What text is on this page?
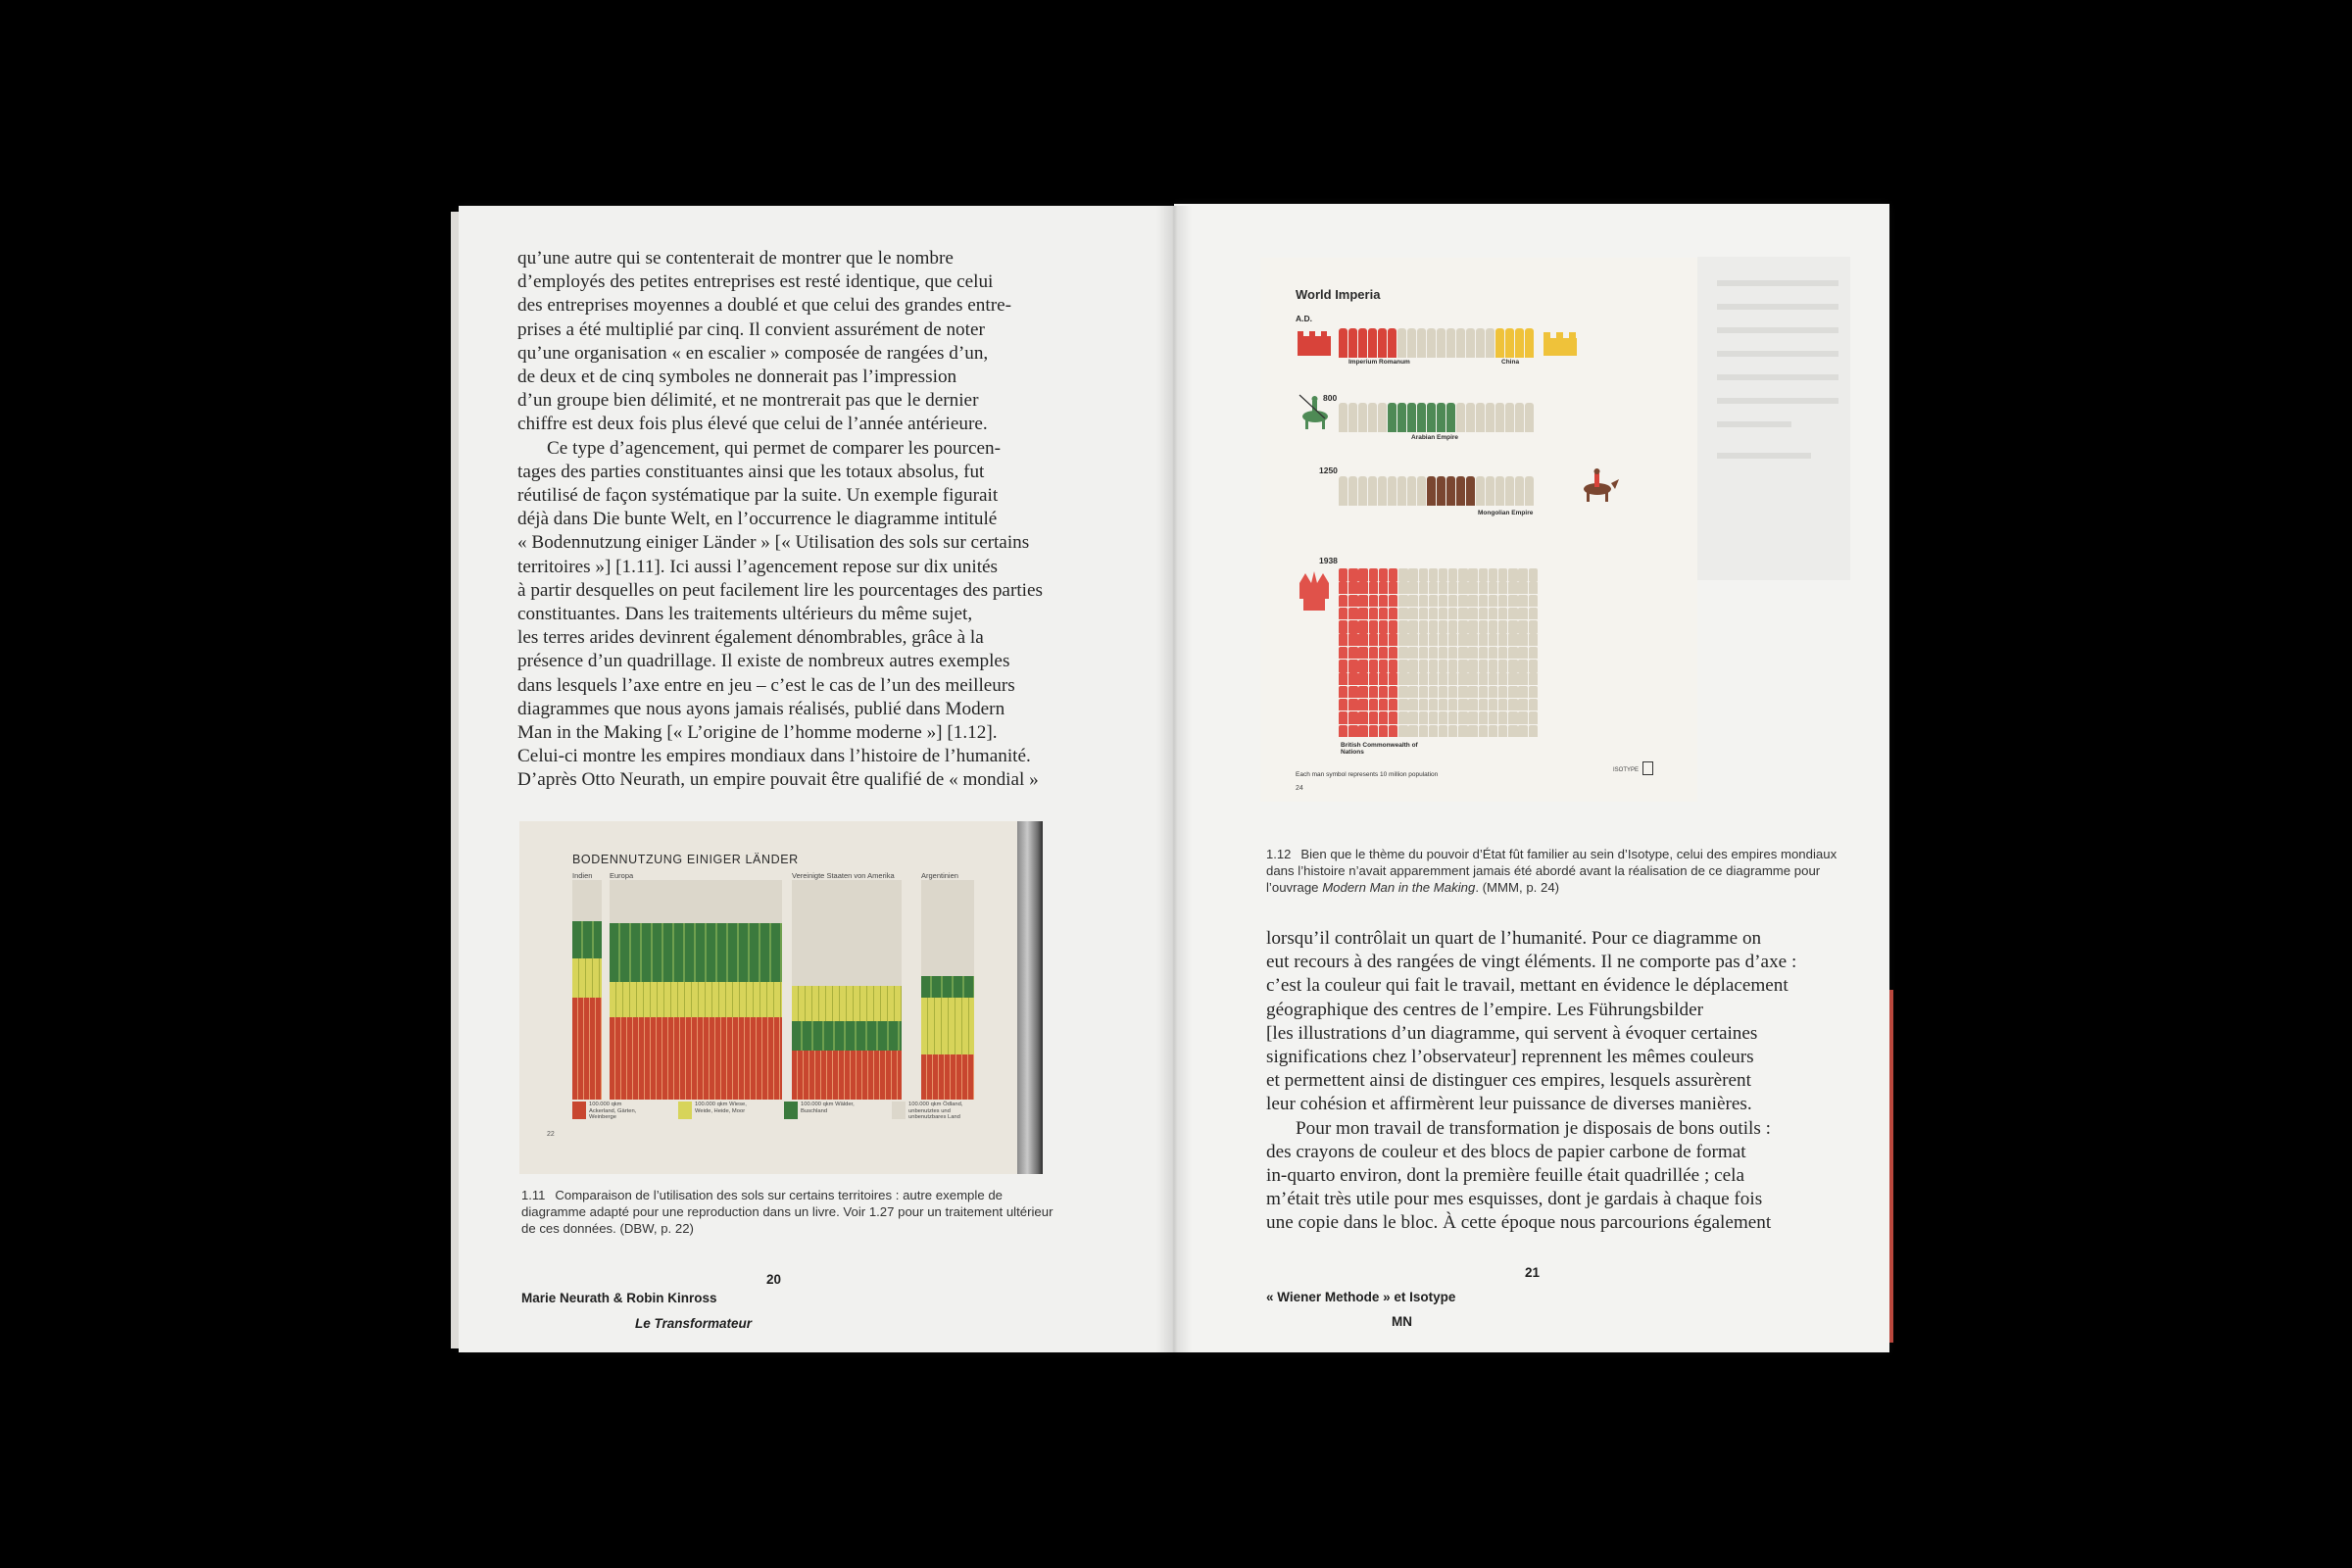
qu’une autre qui se contenterait de montrer que le nombre
d’employés des petites entreprises est resté identique, que celui
des entreprises moyennes a doublé et que celui des grandes entre-
prises a été multiplié par cinq. Il convient assurément de noter
qu’une organisation « en escalier » composée de rangées d’un,
de deux et de cinq symboles ne donnerait pas l’impression
d’un groupe bien délimité, et ne montrerait pas que le dernier
chiffre est deux fois plus élevé que celui de l’année antérieure.

Ce type d’agencement, qui permet de comparer les pourcen-
tages des parties constituantes ainsi que les totaux absolus, fut
réutilisé de façon systématique par la suite. Un exemple figurait
déjà dans Die bunte Welt, en l’occurrence le diagramme intitulé
« Bodennutzung einiger Länder » [« Utilisation des sols sur certains
territoires »] [1.11]. Ici aussi l’agencement repose sur dix unités
à partir desquelles on peut facilement lire les pourcentages des parties
constituantes. Dans les traitements ultérieurs du même sujet,
les terres arides devinrent également dénombrables, grâce à la
présence d’un quadrillage. Il existe de nombreux autres exemples
dans lesquels l’axe entre en jeu – c’est le cas de l’un des meilleurs
diagrammes que nous ayons jamais réalisés, publié dans Modern
Man in the Making [« L’origine de l’homme moderne »] [1.12].
Celui-ci montre les empires mondiaux dans l’histoire de l’humanité.
D’après Otto Neurath, un empire pouvait être qualifié de « mondial »

BODENNUTZUNG EINIGER LÄNDER
Indien Europa	Vereinigte Staaten von Amerika	Argentinien
100.000 qkm Ackerland, Gärten, Weinberge
100.000 qkm Wiese, Weide, Heide, Moor
100.000 qkm Wälder, Buschland
100.000 qkm Ödland, unbenutztes und unbenutzbares Land
22
1.11 Comparaison de l’utilisation des sols sur certains territoires : autre exemple de diagramme adapté pour une reproduction dans un livre. Voir 1.27 pour un traitement ultérieur de ces données. (DBW, p. 22)
20
Marie Neurath & Robin Kinross
Le Transformateur
World Imperia
A.D.
Imperium Romanum	China
800
Arabian Empire
1250
Mongolian Empire
1938
British Commonwealth of Nations
Each man symbol represents 10 million population
24
ISOTYPE
1.12 Bien que le thème du pouvoir d’État fût familier au sein d’Isotype, celui des empires mondiaux dans l’histoire n’avait apparemment jamais été abordé avant la réalisation de ce diagramme pour l’ouvrage Modern Man in the Making. (MMM, p. 24)

lorsqu’il contrôlait un quart de l’humanité. Pour ce diagramme on
eut recours à des rangées de vingt éléments. Il ne comporte pas d’axe :
c’est la couleur qui fait le travail, mettant en évidence le déplacement
géographique des centres de l’empire. Les Führungsbilder
[les illustrations d’un diagramme, qui servent à évoquer certaines
significations chez l’observateur] reprennent les mêmes couleurs
et permettent ainsi de distinguer ces empires, lesquels assurèrent
leur cohésion et affirmèrent leur puissance de diverses manières.

Pour mon travail de transformation je disposais de bons outils :
des crayons de couleur et des blocs de papier carbone de format
in-quarto environ, dont la première feuille était quadrillée ; cela
m’était très utile pour mes esquisses, dont je gardais à chaque fois
une copie dans le bloc. À cette époque nous parcourions également

21
« Wiener Methode » et Isotype
MN
